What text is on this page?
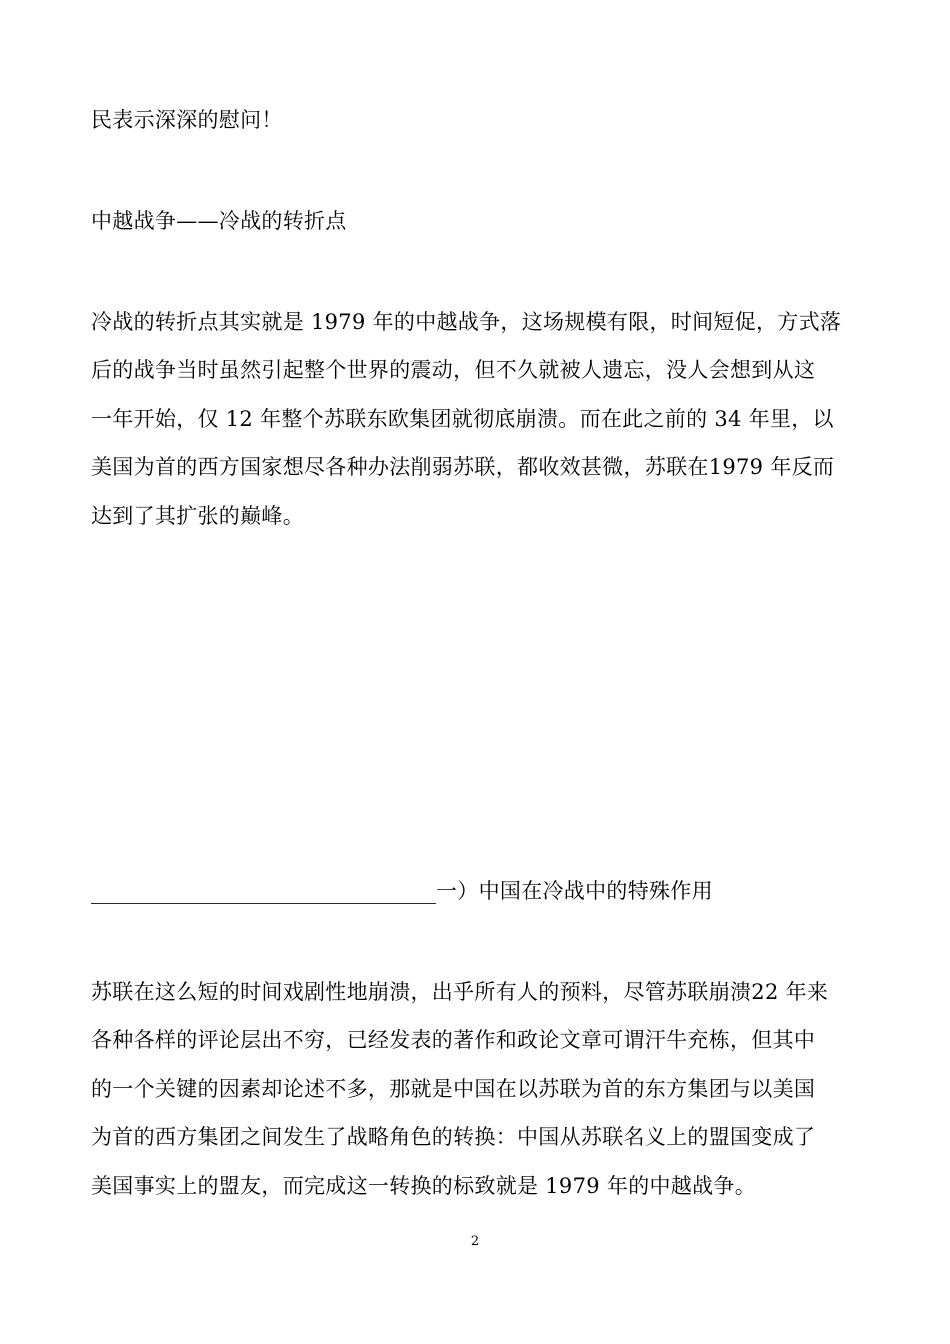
民表示深深的慰问！
中越战争——冷战的转折点
冷战的转折点其实就是 1979 年的中越战争，这场规模有限，时间短促，方式落
后的战争当时虽然引起整个世界的震动，但不久就被人遗忘，没人会想到从这
一年开始，仅 12 年整个苏联东欧集团就彻底崩溃。而在此之前的 34 年里，以
美国为首的西方国家想尽各种办法削弱苏联，都收效甚微，苏联在1979 年反而
达到了其扩张的巅峰。
一）中国在冷战中的特殊作用
苏联在这么短的时间戏剧性地崩溃，出乎所有人的预料，尽管苏联崩溃22 年来
各种各样的评论层出不穷，已经发表的著作和政论文章可谓汗牛充栋，但其中
的一个关键的因素却论述不多，那就是中国在以苏联为首的东方集团与以美国
为首的西方集团之间发生了战略角色的转换：中国从苏联名义上的盟国变成了
美国事实上的盟友，而完成这一转换的标致就是 1979 年的中越战争。
2
